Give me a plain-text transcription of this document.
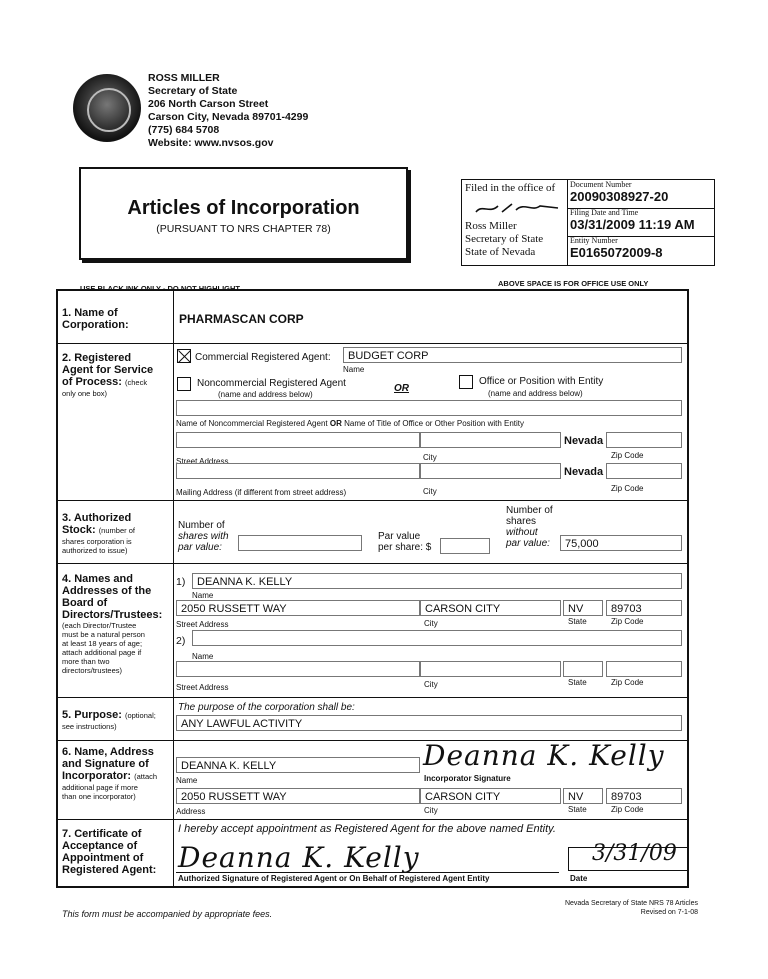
ROSS MILLER
Secretary of State
206 North Carson Street
Carson City, Nevada 89701-4299
(775) 684 5708
Website: www.nvsos.gov
Articles of Incorporation
(PURSUANT TO NRS CHAPTER 78)
Filed in the office of
Ross Miller
Secretary of State
State of Nevada
Document Number
20090308927-20
Filing Date and Time
03/31/2009 11:19 AM
Entity Number
E0165072009-8
USE BLACK INK ONLY - DO NOT HIGHLIGHT
ABOVE SPACE IS FOR OFFICE USE ONLY
1. Name of
Corporation:	PHARMASCAN CORP
2. Registered
Agent for Service
of Process: (check
only one box)
Commercial Registered Agent:	BUDGET CORP
Name
Noncommercial Registered Agent
(name and address below)
OR
Office or Position with Entity
(name and address below)
Name of Noncommercial Registered Agent OR Name of Title of Office or Other Position with Entity
Nevada
Street Address	City	Zip Code
Nevada
Mailing Address (if different from street address)	City	Zip Code
3. Authorized
Stock: (number of
shares corporation is
authorized to issue)
Number of
shares with
par value:
Par value
per share: $
Number of
shares
without
par value:	75,000
4. Names and
Addresses of the
Board of
Directors/Trustees:
(each Director/Trustee
must be a natural person
at least 18 years of age;
attach additional page if
more than two
directors/trustees)
1)	DEANNA K. KELLY
Name
2050 RUSSETT WAY	CARSON CITY	NV	89703
Street Address	City	State	Zip Code
2)
Name
Street Address	City	State	Zip Code
5. Purpose: (optional;
see instructions)
The purpose of the corporation shall be:
ANY LAWFUL ACTIVITY
6. Name, Address
and Signature of
Incorporator: (attach
additional page if more
than one incorporator)
DEANNA K. KELLY
Name
Deanna K. Kelly
Incorporator Signature
2050 RUSSETT WAY	CARSON CITY	NV	89703
Address	City	State	Zip Code
7. Certificate of
Acceptance of
Appointment of
Registered Agent:
I hereby accept appointment as Registered Agent for the above named Entity.
Deanna K. Kelly
Authorized Signature of Registered Agent or On Behalf of Registered Agent Entity
3/31/09
Date
This form must be accompanied by appropriate fees.
Nevada Secretary of State NRS 78 Articles
Revised on 7-1-08
